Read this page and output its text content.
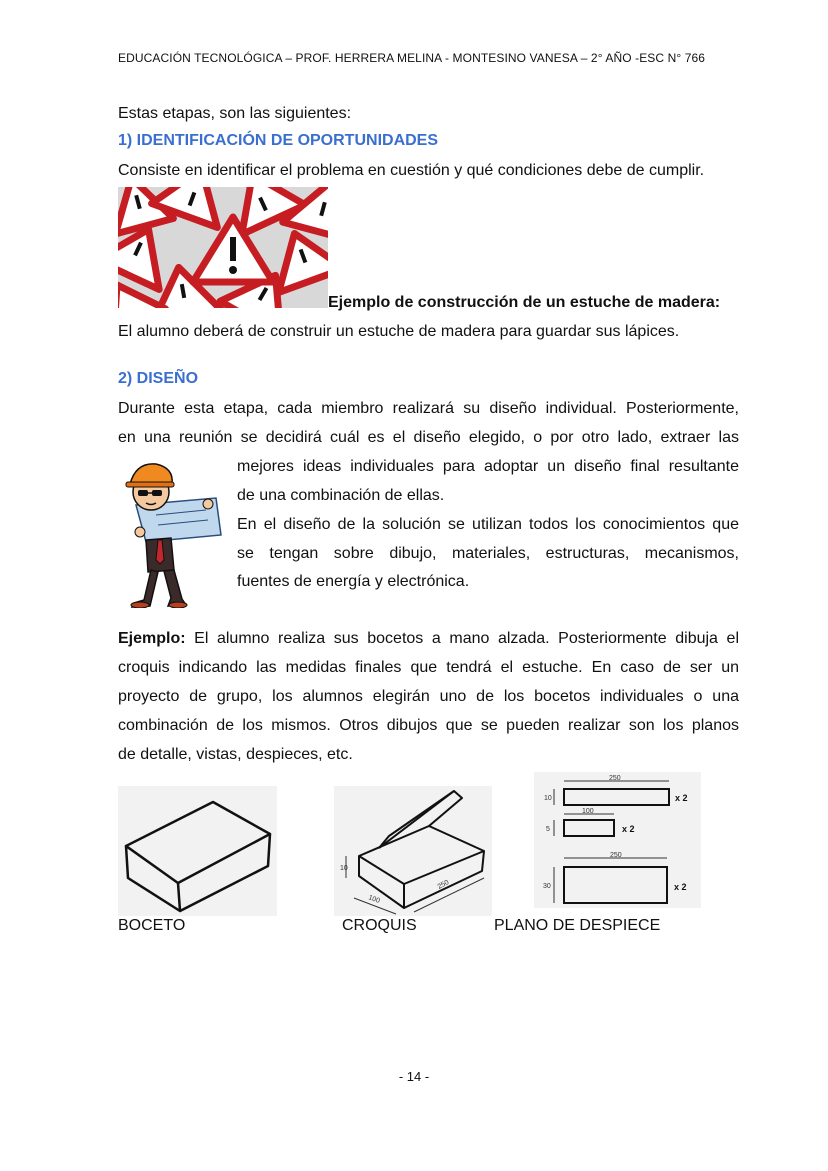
EDUCACIÓN TECNOLÓGICA – PROF. HERRERA MELINA - MONTESINO VANESA – 2° AÑO -ESC N° 766
Estas etapas, son las siguientes:
1) IDENTIFICACIÓN DE OPORTUNIDADES
Consiste en identificar el problema en cuestión y qué condiciones debe de cumplir.
Ejemplo de construcción de un estuche de madera:
El alumno deberá de construir un estuche de madera para guardar sus lápices.
2) DISEÑO
Durante esta etapa, cada miembro realizará su diseño individual. Posteriormente,
en una reunión se decidirá cuál es el diseño elegido, o por otro lado, extraer las
mejores ideas individuales para adoptar un diseño final resultante
de una combinación de ellas.
En el diseño de la solución se utilizan todos los conocimientos que
se tengan sobre dibujo, materiales, estructuras, mecanismos,
fuentes de energía y electrónica.
Ejemplo: El alumno realiza sus bocetos a mano alzada. Posteriormente dibuja el
croquis indicando las medidas finales que tendrá el estuche. En caso de ser un
proyecto de grupo, los alumnos elegirán uno de los bocetos individuales o una
combinación de los mismos. Otros dibujos que se pueden realizar son los planos
de detalle, vistas, despieces, etc.
10
100
250
250
100
250
10
5
30
x 2
x 2
x 2
BOCETO	CROQUIS	PLANO DE DESPIECE
- 14 -
